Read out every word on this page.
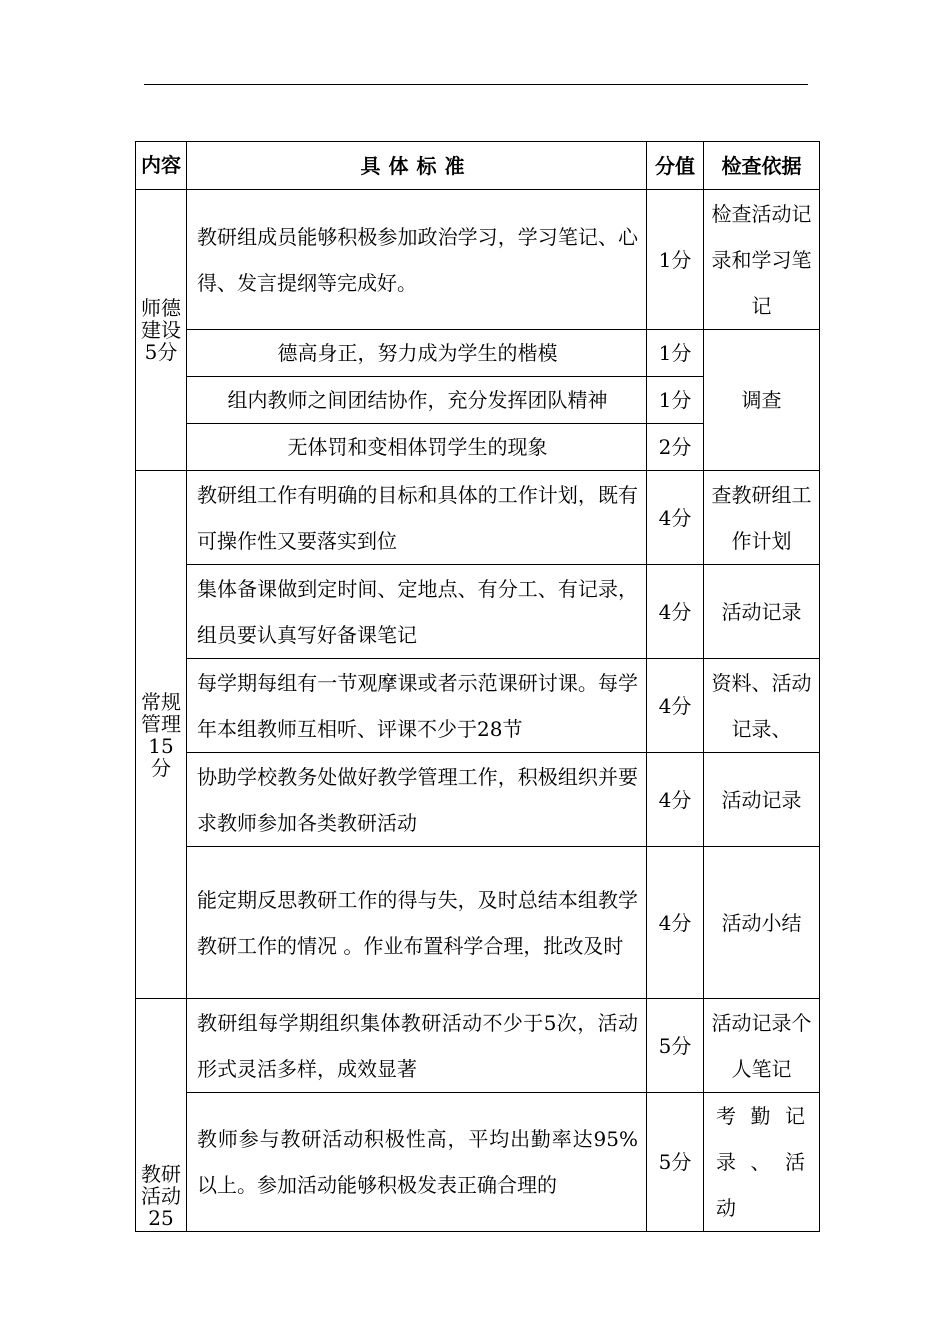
内容	具体标准	分值	检查依据
师德建设5分	教研组成员能够积极参加政治学习，学习笔记、心得、发言提纲等完成好。	1分	检查活动记录和学习笔记
	德高身正，努力成为学生的楷模	1分	调查
	组内教师之间团结协作，充分发挥团队精神	1分	
	无体罚和变相体罚学生的现象	2分	
常规管理15分	教研组工作有明确的目标和具体的工作计划，既有可操作性又要落实到位	4分	查教研组工作计划
	集体备课做到定时间、定地点、有分工、有记录，组员要认真写好备课笔记	4分	活动记录
	每学期每组有一节观摩课或者示范课研讨课。每学年本组教师互相听、评课不少于28节	4分	资料、活动记录、
	协助学校教务处做好教学管理工作，积极组织并要求教师参加各类教研活动	4分	活动记录
	能定期反思教研工作的得与失，及时总结本组教学教研工作的情况 。作业布置科学合理，批改及时	4分	活动小结
教研活动25	教研组每学期组织集体教研活动不少于5次，活动形式灵活多样，成效显著	5分	活动记录个人笔记
	教师参与教研活动积极性高，平均出勤率达95%以上。参加活动能够积极发表正确合理的	5分	考勤记录、活动
